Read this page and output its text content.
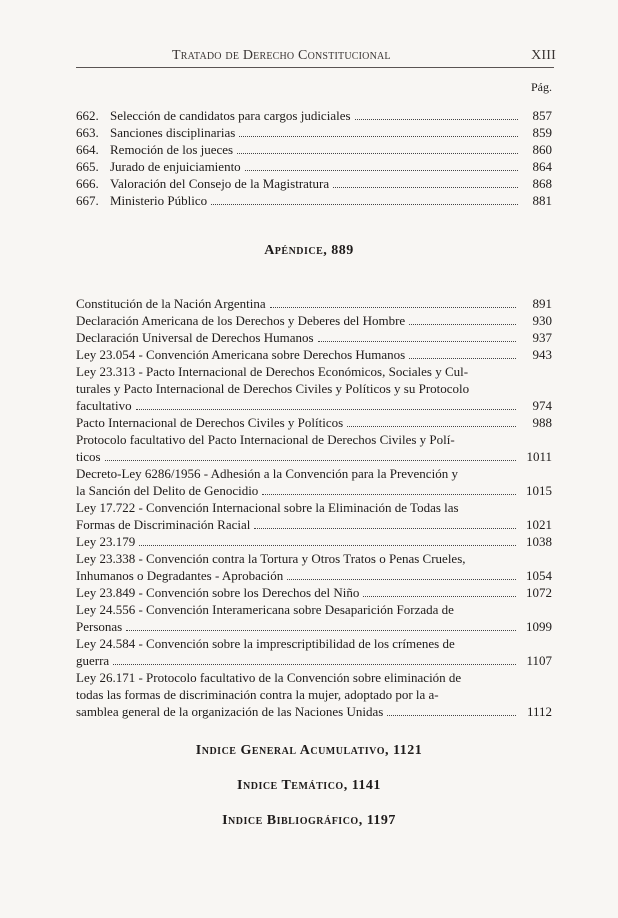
Tratado de Derecho Constitucional	XIII
Pág.
662. Selección de candidatos para cargos judiciales	857
663. Sanciones disciplinarias	859
664. Remoción de los jueces	860
665. Jurado de enjuiciamiento	864
666. Valoración del Consejo de la Magistratura	868
667. Ministerio Público	881
Apéndice, 889
Constitución de la Nación Argentina	891
Declaración Americana de los Derechos y Deberes del Hombre	930
Declaración Universal de Derechos Humanos	937
Ley 23.054 - Convención Americana sobre Derechos Humanos	943
Ley 23.313 - Pacto Internacional de Derechos Económicos, Sociales y Cul-
turales y Pacto Internacional de Derechos Civiles y Políticos y su Protocolo
facultativo	974
Pacto Internacional de Derechos Civiles y Políticos	988
Protocolo facultativo del Pacto Internacional de Derechos Civiles y Polí-
ticos	1011
Decreto-Ley 6286/1956 - Adhesión a la Convención para la Prevención y
la Sanción del Delito de Genocidio	1015
Ley 17.722 - Convención Internacional sobre la Eliminación de Todas las
Formas de Discriminación Racial	1021
Ley 23.179	1038
Ley 23.338 - Convención contra la Tortura y Otros Tratos o Penas Crueles,
Inhumanos o Degradantes - Aprobación	1054
Ley 23.849 - Convención sobre los Derechos del Niño	1072
Ley 24.556 - Convención Interamericana sobre Desaparición Forzada de
Personas	1099
Ley 24.584 - Convención sobre la imprescriptibilidad de los crímenes de
guerra	1107
Ley 26.171 - Protocolo facultativo de la Convención sobre eliminación de
todas las formas de discriminación contra la mujer, adoptado por la a-
samblea general de la organización de las Naciones Unidas	1112
Indice General Acumulativo, 1121
Indice Temático, 1141
Indice Bibliográfico, 1197
